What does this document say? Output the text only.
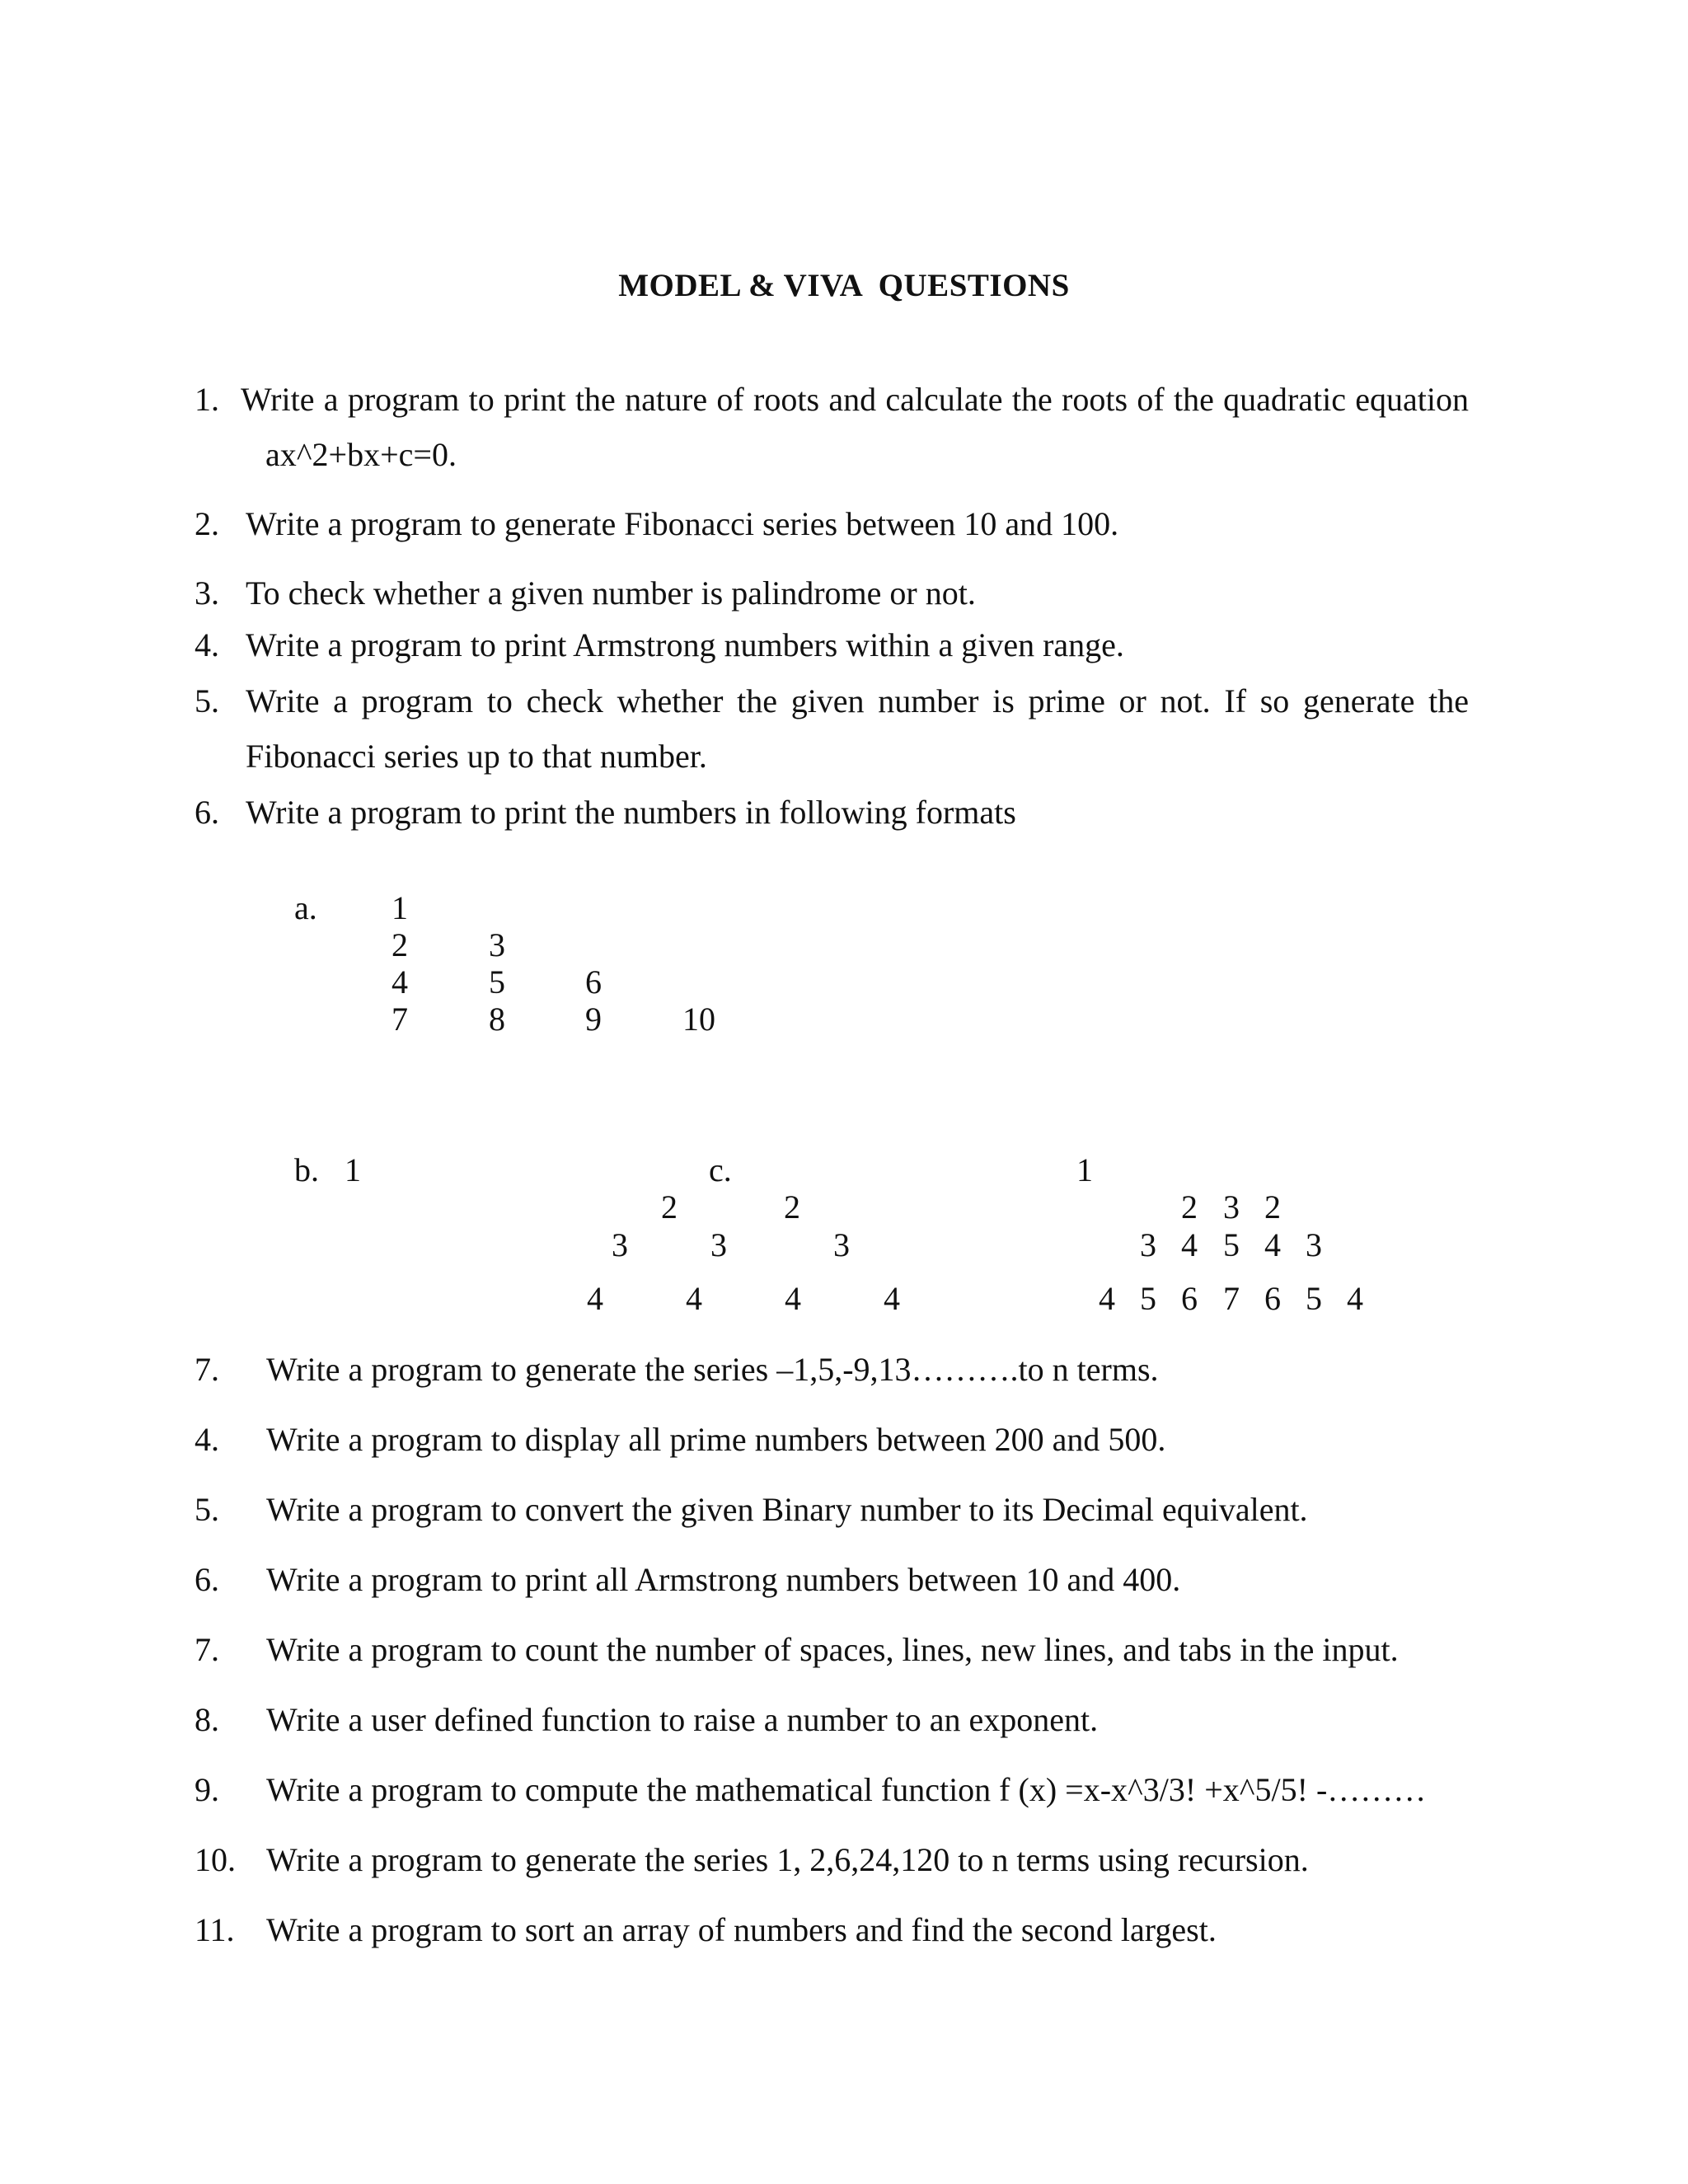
MODEL & VIVA  QUESTIONS
1. Write a program to print the nature of roots and calculate the roots of the quadratic equation
ax^2+bx+c=0.
2. Write a program to generate Fibonacci series between 10 and 100.
3. To check whether a given number is palindrome or not.
4. Write a program to print Armstrong numbers within a given range.
5. Write a program to check whether the given number is prime or not. If so generate the
Fibonacci series up to that number.
6. Write a program to print the numbers in following formats
a. 1
2 3
4 5 6
7 8 9 10
b. 1
2	2
3	3	3
4	4	4	4
c.	1
2 3 2
3 4 5 4 3
4 5 6 7 6 5 4
7. Write a program to generate the series –1,5,-9,13……….to n terms.
4. Write a program to display all prime numbers between 200 and 500.
5. Write a program to convert the given Binary number to its Decimal equivalent.
6. Write a program to print all Armstrong numbers between 10 and 400.
7. Write a program to count the number of spaces, lines, new lines, and tabs in the input.
8. Write a user defined function to raise a number to an exponent.
9. Write a program to compute the mathematical function f (x) =x-x^3/3! +x^5/5! -………
10. Write a program to generate the series 1, 2,6,24,120 to n terms using recursion.
11. Write a program to sort an array of numbers and find the second largest.
